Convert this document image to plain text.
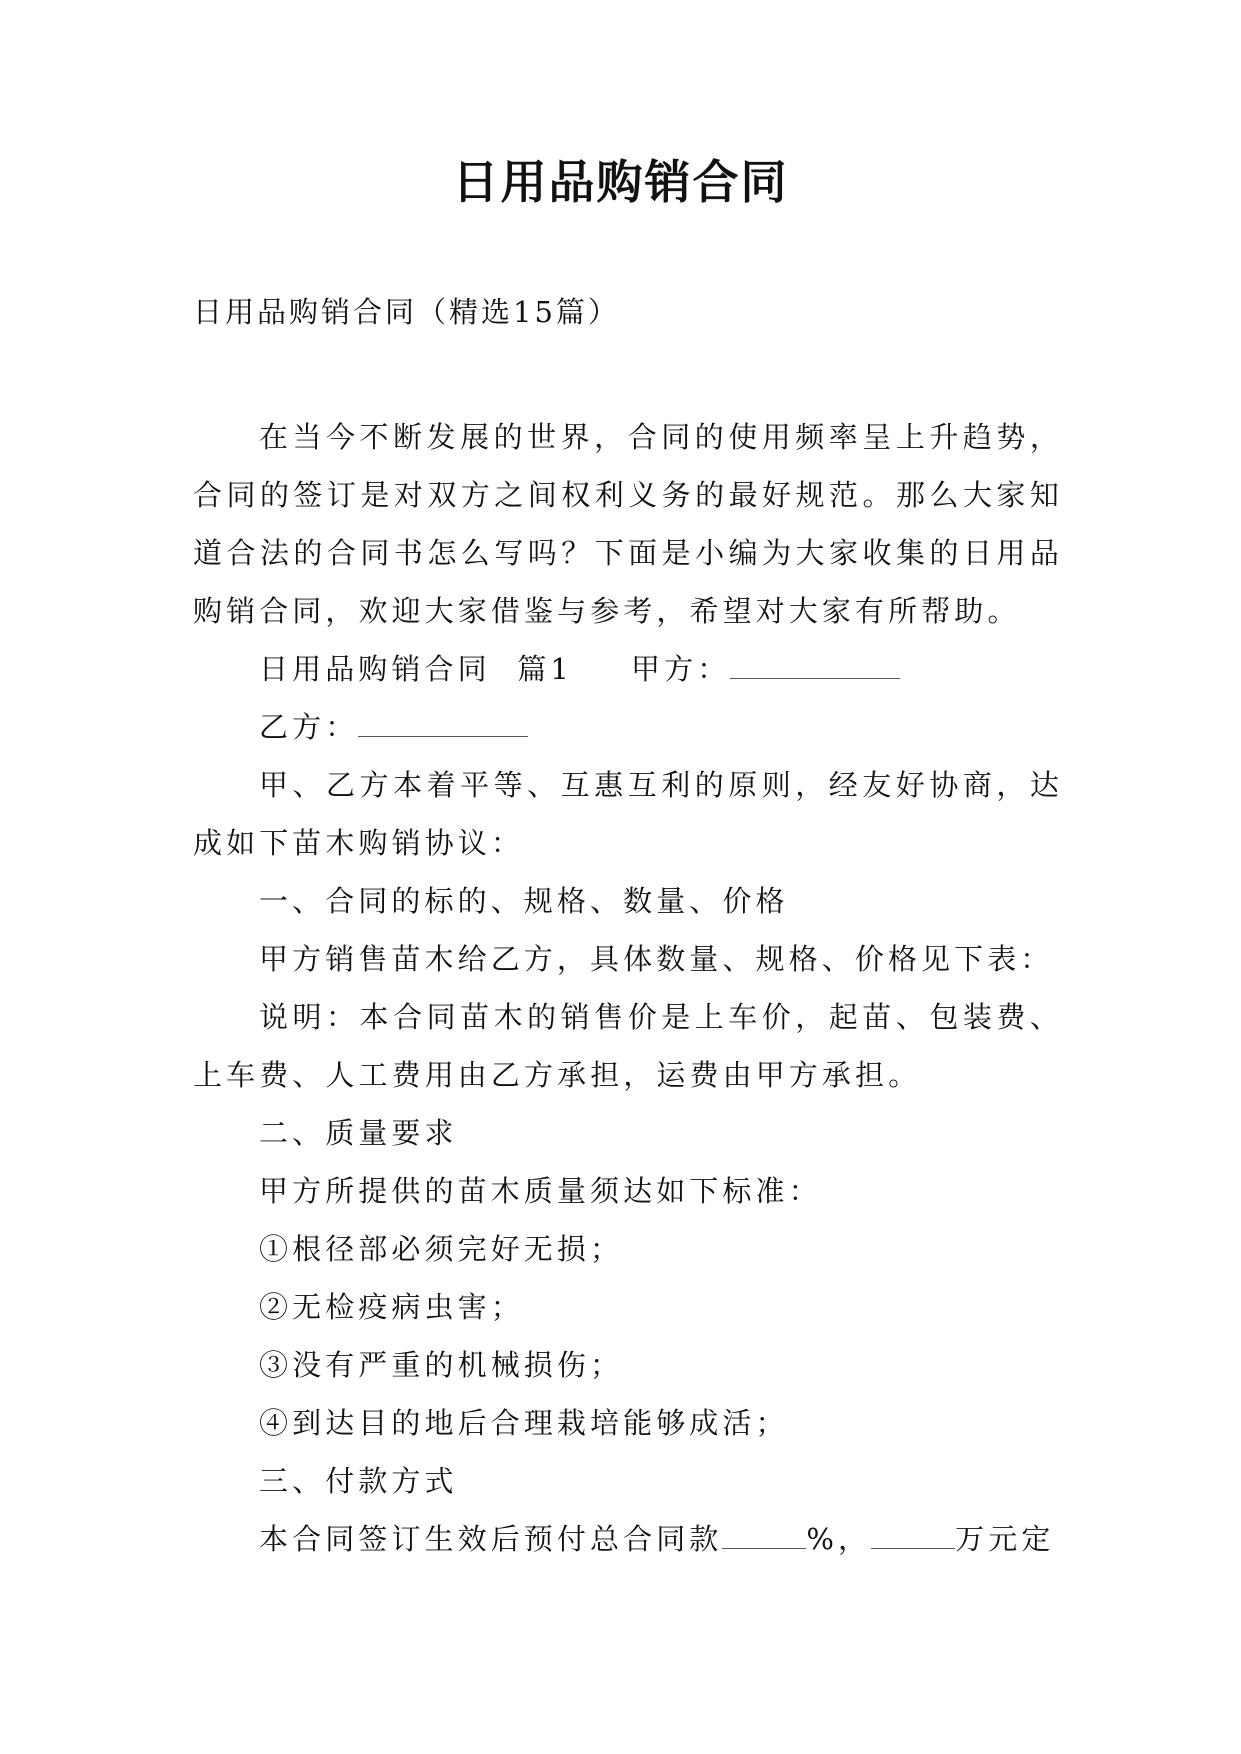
日用品购销合同
日用品购销合同（精选15篇）

在当今不断发展的世界，合同的使用频率呈上升趋势，合同的签订是对双方之间权利义务的最好规范。那么大家知道合法的合同书怎么写吗？下面是小编为大家收集的日用品购销合同，欢迎大家借鉴与参考，希望对大家有所帮助。

日用品购销合同  篇1 甲方：

乙方：

甲、乙方本着平等、互惠互利的原则，经友好协商，达成如下苗木购销协议：

一、合同的标的、规格、数量、价格

甲方销售苗木给乙方，具体数量、规格、价格见下表：

说明：本合同苗木的销售价是上车价，起苗、包装费、上车费、人工费用由乙方承担，运费由甲方承担。

二、质量要求

甲方所提供的苗木质量须达如下标准：

①根径部必须完好无损；

②无检疫病虫害；

③没有严重的机械损伤；

④到达目的地后合理栽培能够成活；

三、付款方式

本合同签订生效后预付总合同款	%，	万元定
